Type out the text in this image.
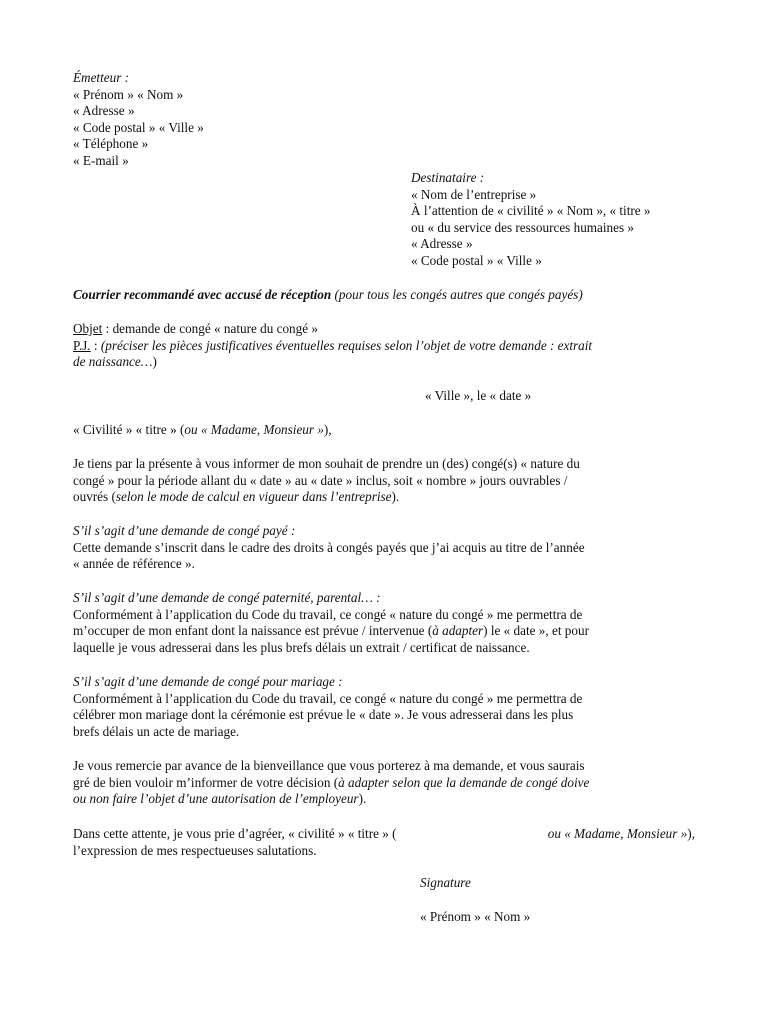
Émetteur :
« Prénom » « Nom »
« Adresse »
« Code postal » « Ville »
« Téléphone »
« E-mail »
Destinataire :
« Nom de l’entreprise »
À l’attention de « civilité » « Nom », « titre »
ou « du service des ressources humaines »
« Adresse »
« Code postal » « Ville »
Courrier recommandé avec accusé de réception (pour tous les congés autres que congés payés)
Objet : demande de congé « nature du congé »
P.J. : (préciser les pièces justificatives éventuelles requises selon l’objet de votre demande : extrait
de naissance…)
« Ville », le « date »
« Civilité » « titre » (ou « Madame, Monsieur »),
Je tiens par la présente à vous informer de mon souhait de prendre un (des) congé(s) « nature du
congé » pour la période allant du « date » au « date » inclus, soit « nombre » jours ouvrables /
ouvrés (selon le mode de calcul en vigueur dans l’entreprise).
S’il s’agit d’une demande de congé payé :
Cette demande s’inscrit dans le cadre des droits à congés payés que j’ai acquis au titre de l’année
« année de référence ».
S’il s’agit d’une demande de congé paternité, parental… :
Conformément à l’application du Code du travail, ce congé « nature du congé » me permettra de
m’occuper de mon enfant dont la naissance est prévue / intervenue (à adapter) le « date », et pour
laquelle je vous adresserai dans les plus brefs délais un extrait / certificat de naissance.
S’il s’agit d’une demande de congé pour mariage :
Conformément à l’application du Code du travail, ce congé « nature du congé » me permettra de
célébrer mon mariage dont la cérémonie est prévue le « date ». Je vous adresserai dans les plus
brefs délais un acte de mariage.
Je vous remercie par avance de la bienveillance que vous porterez à ma demande, et vous saurais
gré de bien vouloir m’informer de votre décision (à adapter selon que la demande de congé doive
ou non faire l’objet d’une autorisation de l’employeur).
Dans cette attente, je vous prie d’agréer, « civilité » « titre » (	ou « Madame, Monsieur »),
l’expression de mes respectueuses salutations.
Signature
« Prénom » « Nom »
